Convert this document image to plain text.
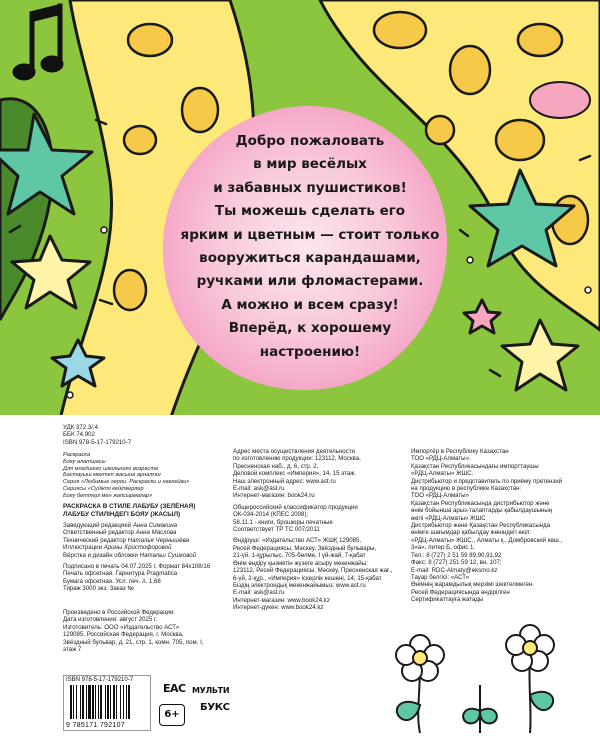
Добро пожаловать
в мир весёлых
и забавных пушистиков!
Ты можешь сделать его
ярким и цветным — стоит только
вооружиться карандашами,
ручками или фломастерами.
А можно и всем сразу!
Вперёд, к хорошему
настроению!
УДК 372.3/.4
ББК 74.902
ISBN 978-5-17-179210-7
Раскраска
Бояу алатшасы
Для младшего школьного возраста
Бастауыш мектеп жасына арналған
Серия «Любимые герои. Раскраски и наклейки»
Сериясы «Сүйікті кейіпкерлер
Бояу беттері мен жапсырмалар»
РАСКРАСКА В СТИЛЕ ЛАБУБУ (ЗЕЛЁНАЯ)
ЛАБУБУ СТИЛІНДЕГІ БОЯУ (ЖАСЫЛ)
Заведующий редакцией Анна Симакина
Ответственный редактор Анна Маслова
Технический редактор Наталья Чернышёва
Иллюстрации Арины Христофоровой
Вёрстка и дизайн обложки Натальи Сушковой
Подписано в печать 04.07.2025 г. Формат 84x108/16
Печать офсетная. Гарнитура Pragmatica
Бумага офсетная. Усл. печ. л. 1,68
Тираж 3000 экз. Заказ №
Произведено в Российской Федерации.
Дата изготовления: август 2025 г.
Изготовитель: ООО «Издательство АСТ»
129085, Российская Федерация, г. Москва,
Звёздный бульвар, д. 21, стр. 1, комн. 705, пом. I,
этаж 7
Адрес места осуществления деятельности
по изготовлению продукции: 123112, Москва,
Пресненская наб., д. 6, стр. 2,
Деловой комплекс «Империя», 14, 15 этаж.
Наш электронный адрес: www.ast.ru
E-mail: ask@ast.ru
Интернет-магазин: book24.ru
Общероссийский классификатор продукции
ОК-034-2014 (КПЕС 2008);
58.11.1 - книги, брошюры печатные
Соответствует ТР ТС 007/2011
Өндіруші: «Издательство АСТ» ЖШҚ 129085,
Ресей Федерациясы, Мәскеу, Звёздный бульвары,
21-үй, 1-құрылыс, 705-бөлме, I үй-жай, 7-қабат
Өнім өндіру қызметін жүзеге асыру мекенжайы:
123112, Ресей Федерациясы, Мәскеу, Пресненская жағ.,
6-үй, 2-құр., «Империя» іскерлік кешені, 14, 15-қабат.
Біздің электрондық мекенжайымыз: www.ast.ru
E-mail: ask@ast.ru
Интернет-магазин: www.book24.kz
Интернет-дүкен: www.book24.kz
Импортёр в Республику Казахстан
ТОО «РДЦ-Алматы».
Қазақстан Республикасындағы импорттаушы
«РДЦ-Алматы» ЖШС.
Дистрибьютор и представитель по приёму претензий
на продукцию в республике Казахстан:
ТОО «РДЦ-Алматы»
Қазақстан Республикасында дистрибьютор және
өнім бойынша арыз-талаптарды қабылдаушының
өкілі «РДЦ-Алматы» ЖШС
Дистрибьютор және Қазақстан Республикасында
өнімге шағымдар қабылдау жөніндегі өкіл:
«РДЦ-Алматы» ЖШС., Алматы қ., Домбровский көш.,
3«а», литер Б, офис 1.
Тел.: 8 (727) 2 51 59 89,90,91,92
Факс: 8 (727) 251 59 12, вн. 107;
E-mail: RDC-Almaty@eksmo.kz
Тауар белгісі: «АСТ»
Өнімнің жарамдылық мерзімі шектелмеген.
Ресей Федерациясында өндірілген
Сертификаттауға жатады
ISBN 978-5-17-179210-7
9 785171 792107
EAC
6+
МУЛЬТИ
БУКС
